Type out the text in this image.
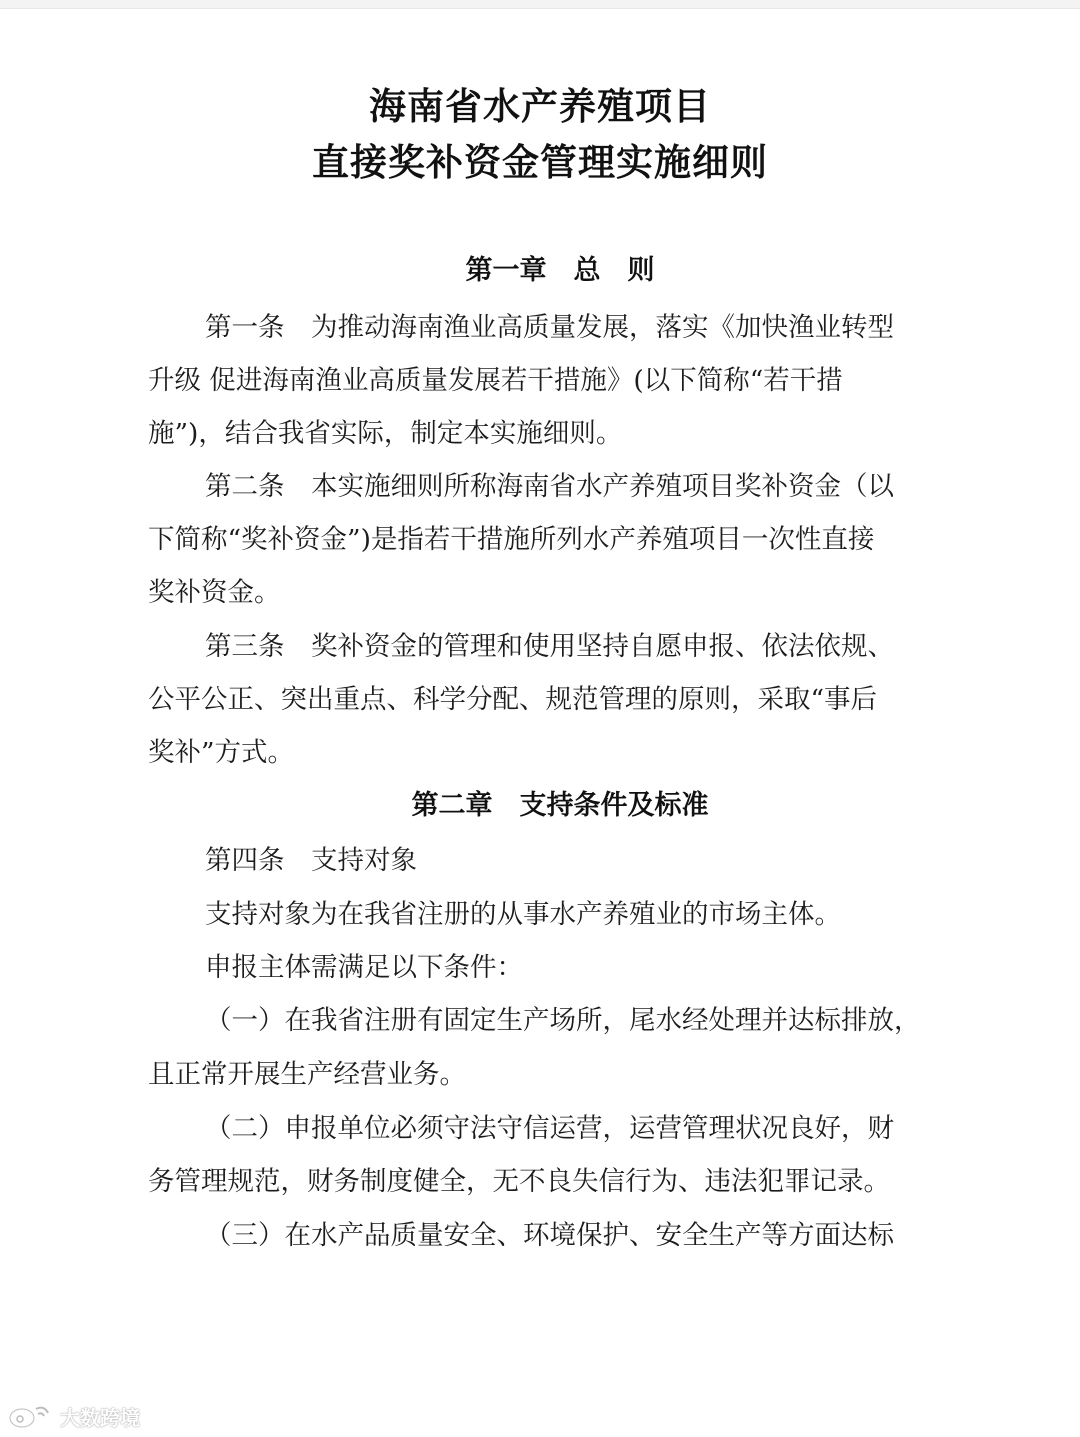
海南省水产养殖项目
直接奖补资金管理实施细则
第一章　总　则
第一条　为推动海南渔业高质量发展，落实《加快渔业转型
升级 促进海南渔业高质量发展若干措施》(以下简称“若干措
施”)，结合我省实际，制定本实施细则。
第二条　本实施细则所称海南省水产养殖项目奖补资金（以
下简称“奖补资金”)是指若干措施所列水产养殖项目一次性直接
奖补资金。
第三条　奖补资金的管理和使用坚持自愿申报、依法依规、
公平公正、突出重点、科学分配、规范管理的原则，采取“事后
奖补”方式。
第二章　支持条件及标准
第四条　支持对象
支持对象为在我省注册的从事水产养殖业的市场主体。
申报主体需满足以下条件：
（一）在我省注册有固定生产场所，尾水经处理并达标排放，
且正常开展生产经营业务。
（二）申报单位必须守法守信运营，运营管理状况良好，财
务管理规范，财务制度健全，无不良失信行为、违法犯罪记录。
（三）在水产品质量安全、环境保护、安全生产等方面达标
大数跨境
